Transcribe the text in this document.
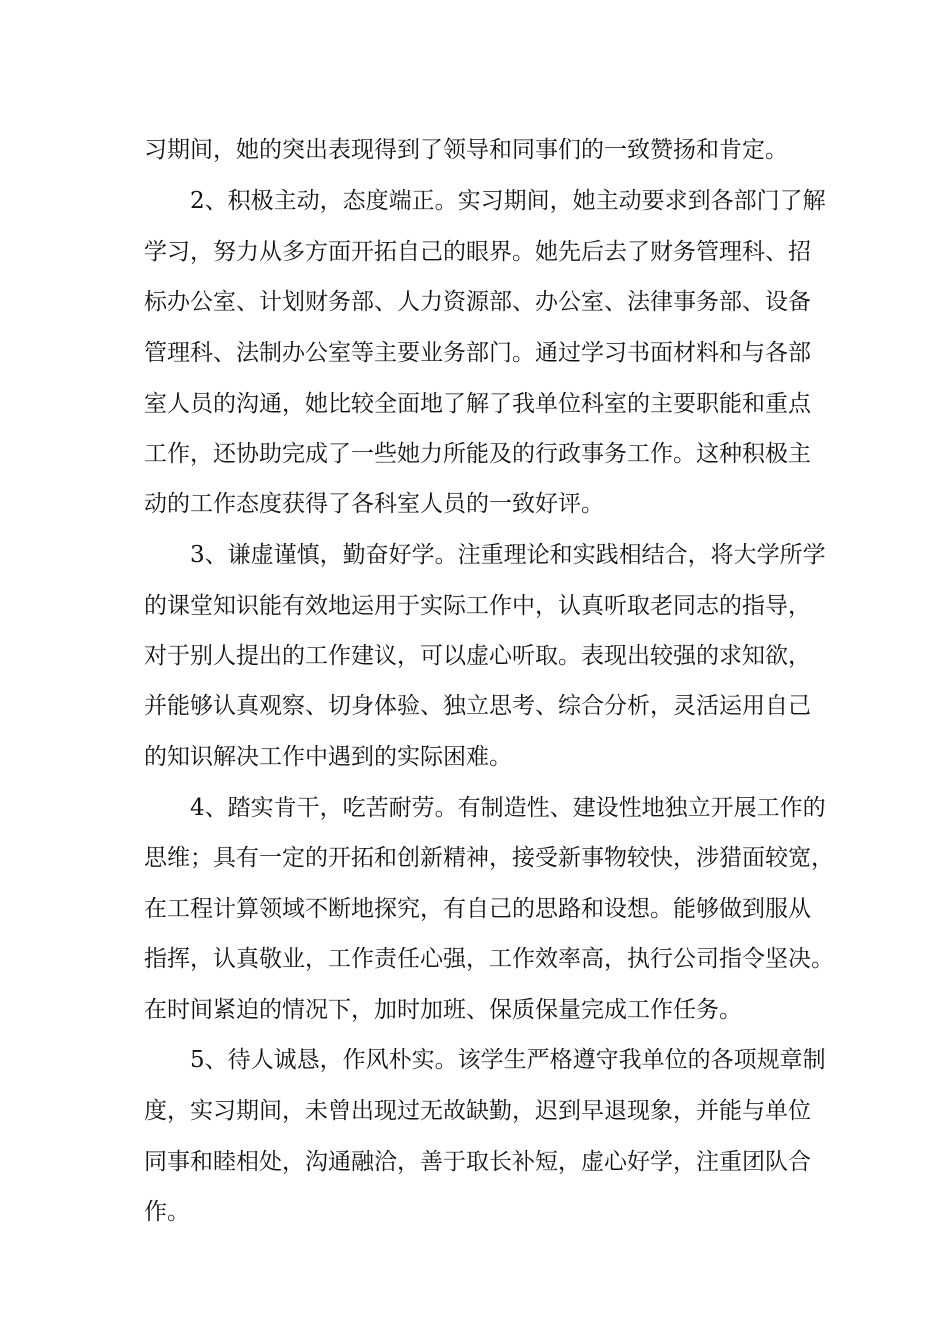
习期间，她的突出表现得到了领导和同事们的一致赞扬和肯定。
2、积极主动，态度端正。实习期间，她主动要求到各部门了解
学习，努力从多方面开拓自己的眼界。她先后去了财务管理科、招
标办公室、计划财务部、人力资源部、办公室、法律事务部、设备
管理科、法制办公室等主要业务部门。通过学习书面材料和与各部
室人员的沟通，她比较全面地了解了我单位科室的主要职能和重点
工作，还协助完成了一些她力所能及的行政事务工作。这种积极主
动的工作态度获得了各科室人员的一致好评。
3、谦虚谨慎，勤奋好学。注重理论和实践相结合，将大学所学
的课堂知识能有效地运用于实际工作中，认真听取老同志的指导，
对于别人提出的工作建议，可以虚心听取。表现出较强的求知欲，
并能够认真观察、切身体验、独立思考、综合分析，灵活运用自己
的知识解决工作中遇到的实际困难。
4、踏实肯干，吃苦耐劳。有制造性、建设性地独立开展工作的
思维；具有一定的开拓和创新精神，接受新事物较快，涉猎面较宽，
在工程计算领域不断地探究，有自己的思路和设想。能够做到服从
指挥，认真敬业，工作责任心强，工作效率高，执行公司指令坚决。
在时间紧迫的情况下，加时加班、保质保量完成工作任务。
5、待人诚恳，作风朴实。该学生严格遵守我单位的各项规章制
度，实习期间，未曾出现过无故缺勤，迟到早退现象，并能与单位
同事和睦相处，沟通融洽，善于取长补短，虚心好学，注重团队合
作。
